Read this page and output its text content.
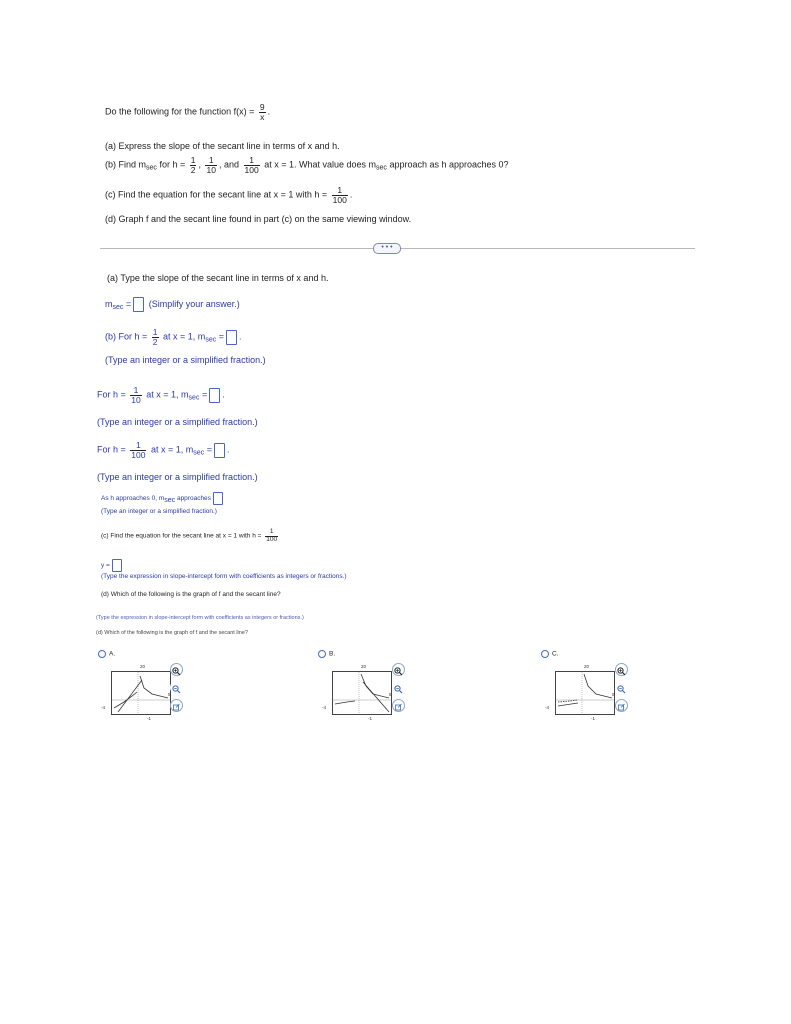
Do the following for the function $f(x) = \frac{9}{x}$ .
(a) Express the slope of the secant line in terms of x and h.
(b) Find $m_{sec}$ for $h = \frac{1}{2}$ , $\frac{1}{10}$ , and $\frac{1}{100}$ at x = 1. What value does $m_{sec}$ approach as h approaches 0?
(c) Find the equation for the secant line at x = 1 with $h = \frac{1}{100}$ .
(d) Graph f and the secant line found in part (c) on the same viewing window.
• • •
(a) Type the slope of the secant line in terms of x and h.
$m_{sec}$ = (Simplify your answer.)
(b) For $h = \frac{1}{2}$ at x = 1, $m_{sec}$ = .
(Type an integer or a simplified fraction.)
For $h = \frac{1}{10}$ at x = 1, $m_{sec}$ = .
(Type an integer or a simplified fraction.)
For $h = \frac{1}{100}$ at x = 1, $m_{sec}$ = .
(Type an integer or a simplified fraction.)
As h approaches 0, $m_{sec}$ approaches
(Type an integer or a simplified fraction.)
(c) Find the equation for the secant line at x = 1 with $h = \frac{1}{100}$
y =
(Type the expression in slope-intercept form with coefficients as integers or fractions.)
(d) Which of the following is the graph of f and the secant line?
(Type the expression in slope-intercept form with coefficients as integers or fractions.)
(d) Which of the following is the graph of f and the secant line?
A.
20
-4
5
-1
B.
20
-4
5
-1
C.
20
-4
5
-1
